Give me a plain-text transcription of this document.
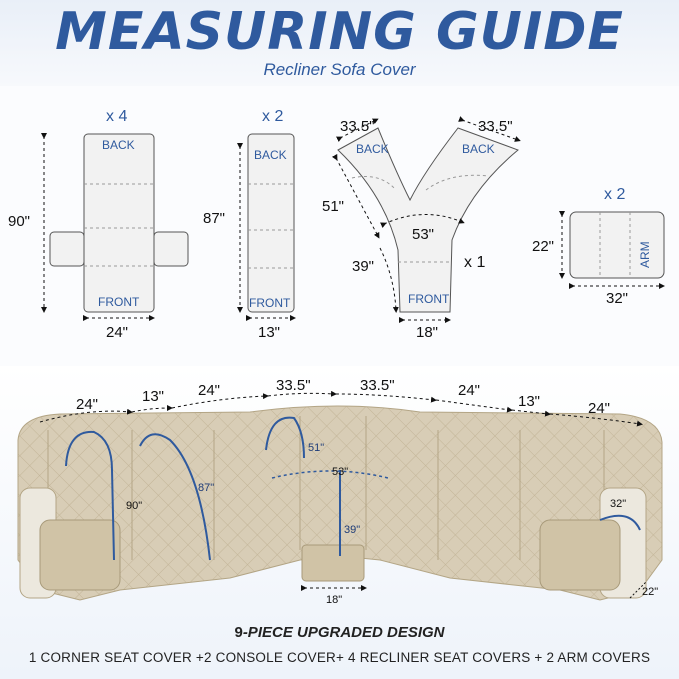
MEASURING GUIDE
Recliner Sofa Cover
x 4
BACK
FRONT
90"
24"
x 2
BACK
FRONT
87"
13"
33.5"	33.5"
BACK	BACK
51"
53"
39"	x 1
FRONT
18"
x 2
ARM
22"
32"
24"	13" 24"	33.5"	33.5"	24"
13"	24"
90"
87"
51"
53"
39"
18"
32"
22"
9-PIECE UPGRADED DESIGN
1 CORNER SEAT COVER +2 CONSOLE COVER+ 4 RECLINER SEAT COVERS + 2 ARM COVERS
